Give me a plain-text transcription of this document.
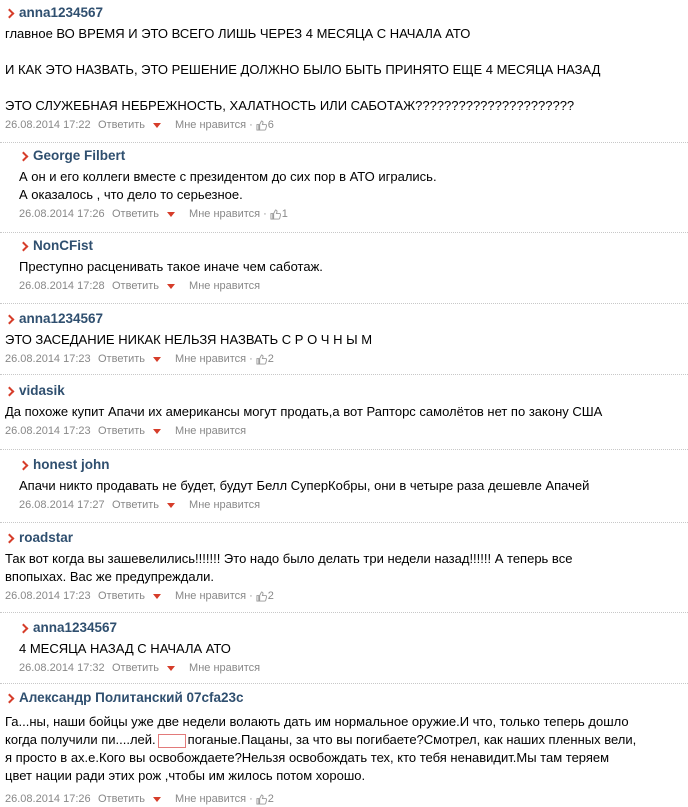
anna1234567

главное ВО ВРЕМЯ И ЭТО ВСЕГО ЛИШЬ ЧЕРЕЗ 4 МЕСЯЦА С НАЧАЛА АТО

И КАК ЭТО НАЗВАТЬ, ЭТО РЕШЕНИЕ ДОЛЖНО БЫЛО БЫТЬ ПРИНЯТО ЕЩЕ 4 МЕСЯЦА НАЗАД

ЭТО СЛУЖЕБНАЯ НЕБРЕЖНОСТЬ, ХАЛАТНОСТЬ ИЛИ САБОТАЖ??????????????????????

26.08.2014 17:22 Ответить	Мне нравится · 6
George Filbert

А он и его коллеги вместе с президентом до сих пор в АТО игрались.

А оказалось , что дело то серьезное.

26.08.2014 17:26 Ответить	Мне нравится · 1
NonCFist

Преступно расценивать такое иначе чем саботаж.

26.08.2014 17:28 Ответить	Мне нравится
anna1234567

ЭТО ЗАСЕДАНИЕ НИКАК НЕЛЬЗЯ НАЗВАТЬ С Р О Ч Н Ы М

26.08.2014 17:23 Ответить	Мне нравится · 2
vidasik

Да похоже купит Апачи их американсы могут продать,а вот Рапторс самолётов нет по закону США

26.08.2014 17:23 Ответить	Мне нравится
honest john

Апачи никто продавать не будет, будут Белл СуперКобры, они в четыре раза дешевле Апачей

26.08.2014 17:27 Ответить	Мне нравится
roadstar

Так вот когда вы зашевелились!!!!!!! Это надо было делать три недели назад!!!!!! А теперь все

впопыхах. Вас же предупреждали.

26.08.2014 17:23 Ответить	Мне нравится · 2
anna1234567

4 МЕСЯЦА НАЗАД С НАЧАЛА АТО

26.08.2014 17:32 Ответить	Мне нравится
Александр Политанский 07cfa23c

Га...ны, наши бойцы уже две недели волають дать им нормальное оружие.И что, только теперь дошло

когда получили пи....лей. поганые.Пацаны, за что вы погибаете?Смотрел, как наших пленных вели,

я просто в ах.е.Кого вы освобождаете?Нельзя освобождать тех, кто тебя ненавидит.Мы там теряем

цвет нации ради этих рож ,чтобы им жилось потом хорошо.

26.08.2014 17:26 Ответить	Мне нравится · 2
